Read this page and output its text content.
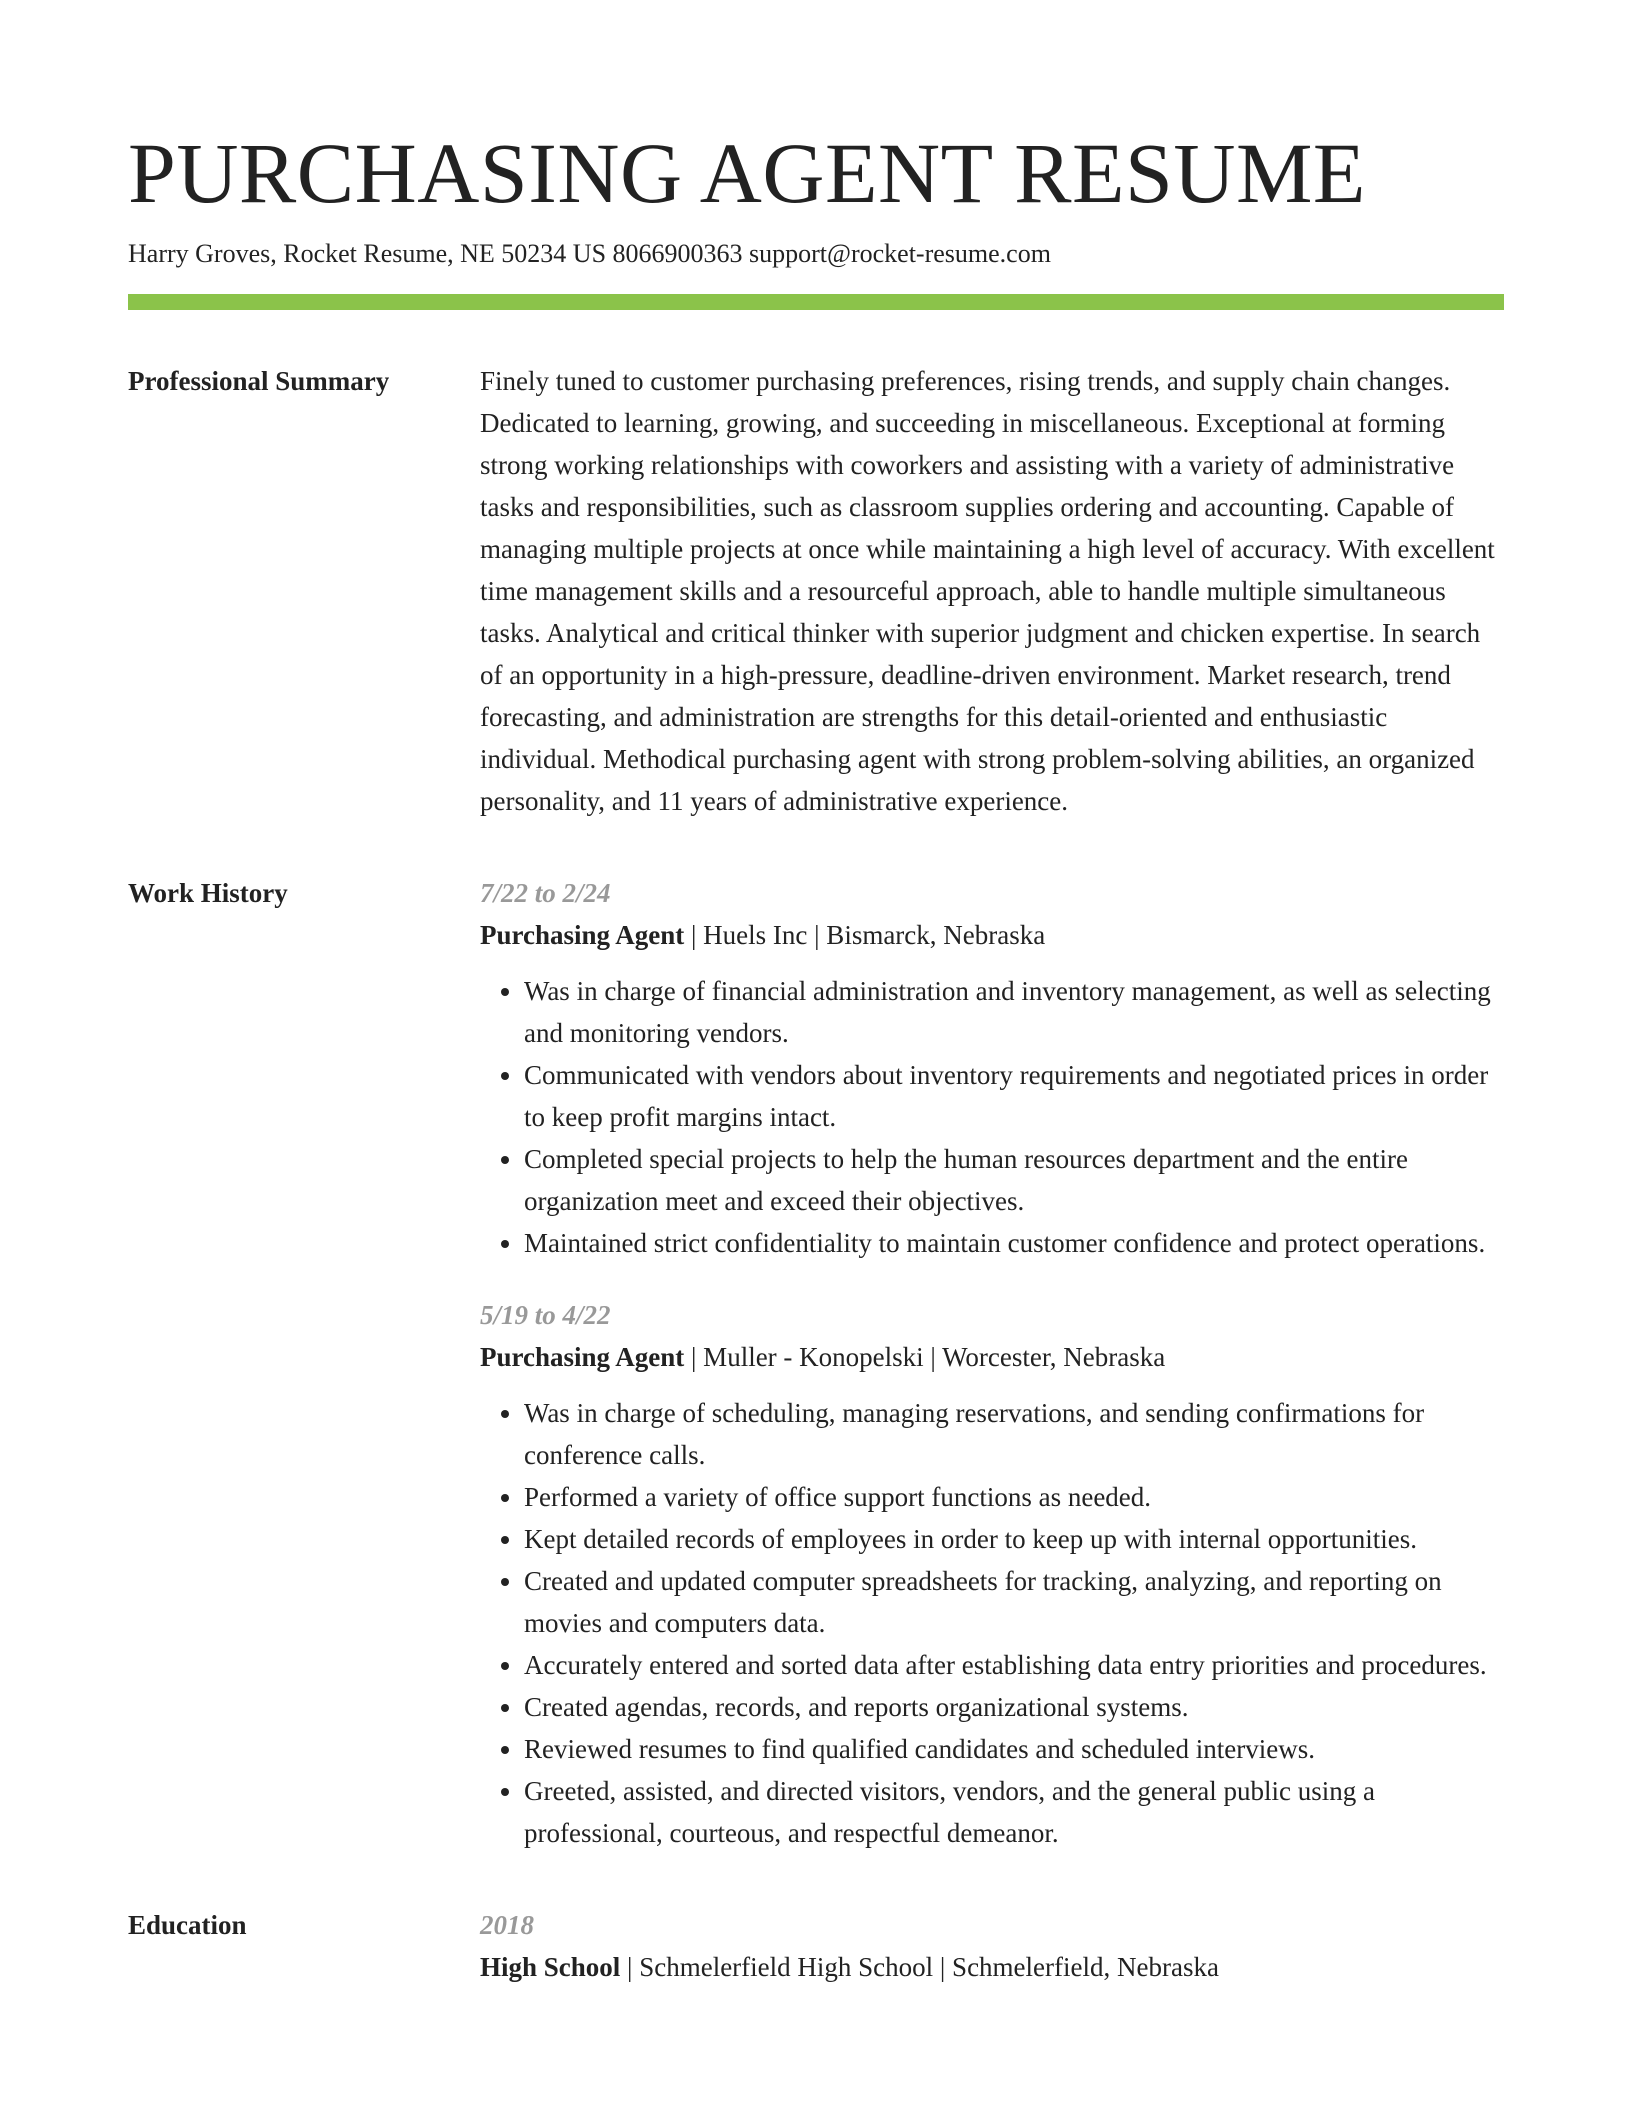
PURCHASING AGENT RESUME
Harry Groves, Rocket Resume, NE 50234 US 8066900363 support@rocket-resume.com
Professional Summary	Finely tuned to customer purchasing preferences, rising trends, and supply chain changes. Dedicated to learning, growing, and succeeding in miscellaneous. Exceptional at forming strong working relationships with coworkers and assisting with a variety of administrative tasks and responsibilities, such as classroom supplies ordering and accounting. Capable of managing multiple projects at once while maintaining a high level of accuracy. With excellent time management skills and a resourceful approach, able to handle multiple simultaneous tasks. Analytical and critical thinker with superior judgment and chicken expertise. In search of an opportunity in a high-pressure, deadline-driven environment. Market research, trend forecasting, and administration are strengths for this detail-oriented and enthusiastic individual. Methodical purchasing agent with strong problem-solving abilities, an organized personality, and 11 years of administrative experience.

Work History	7/22 to 2/24
Purchasing Agent | Huels Inc | Bismarck, Nebraska
• Was in charge of financial administration and inventory management, as well as selecting and monitoring vendors.
• Communicated with vendors about inventory requirements and negotiated prices in order to keep profit margins intact.
• Completed special projects to help the human resources department and the entire organization meet and exceed their objectives.
• Maintained strict confidentiality to maintain customer confidence and protect operations.
5/19 to 4/22
Purchasing Agent | Muller - Konopelski | Worcester, Nebraska
• Was in charge of scheduling, managing reservations, and sending confirmations for conference calls.
• Performed a variety of office support functions as needed.
• Kept detailed records of employees in order to keep up with internal opportunities.
• Created and updated computer spreadsheets for tracking, analyzing, and reporting on movies and computers data.
• Accurately entered and sorted data after establishing data entry priorities and procedures.
• Created agendas, records, and reports organizational systems.
• Reviewed resumes to find qualified candidates and scheduled interviews.
• Greeted, assisted, and directed visitors, vendors, and the general public using a professional, courteous, and respectful demeanor.
Education	2018
High School | Schmelerfield High School | Schmelerfield, Nebraska
